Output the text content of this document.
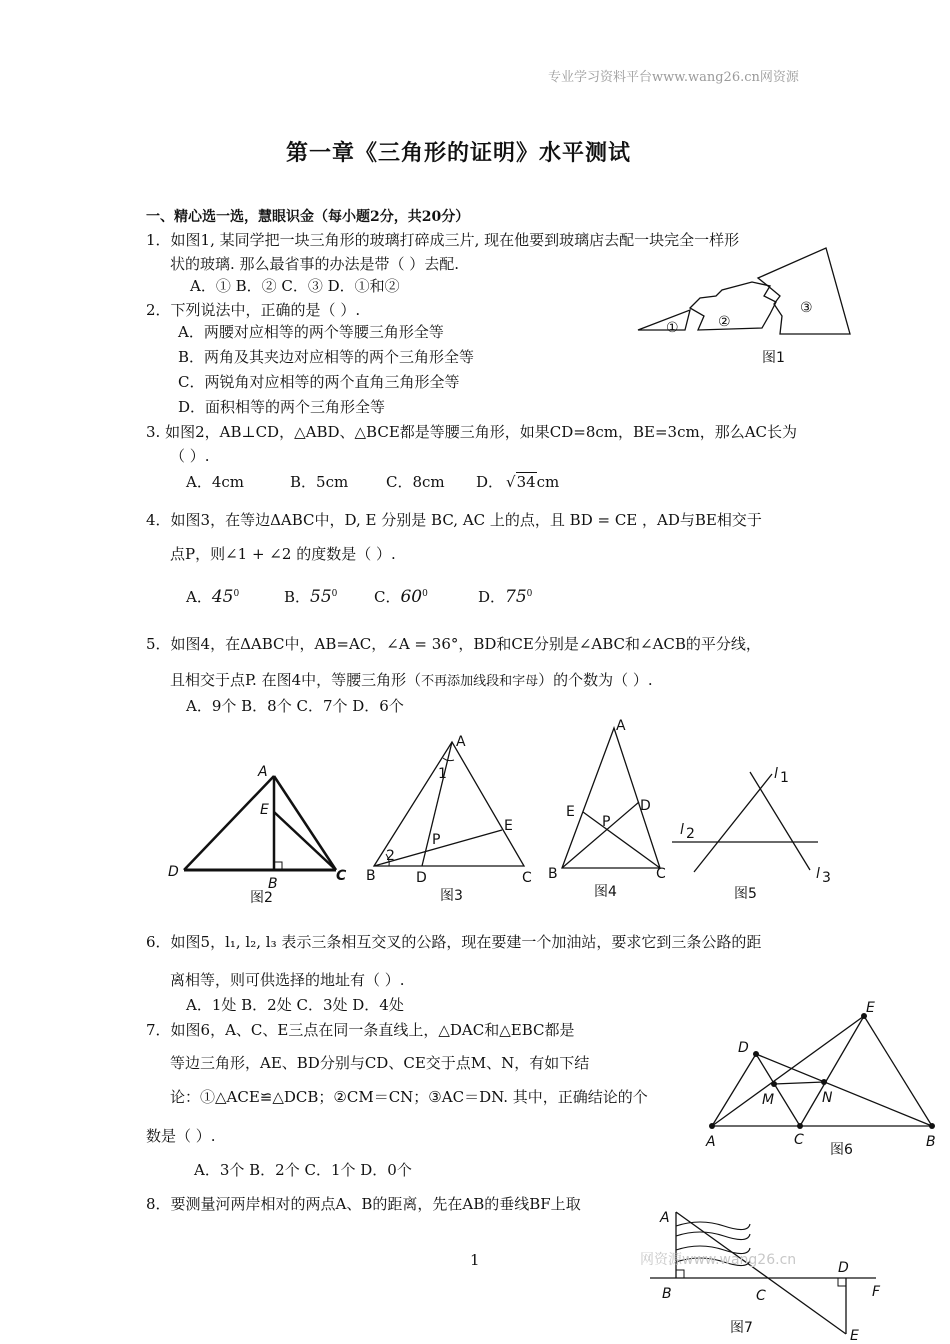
专业学习资料平台www.wang26.cn网资源
第一章《三角形的证明》水平测试
一、精心选一选，慧眼识金（每小题2分，共20分）
1．如图1, 某同学把一块三角形的玻璃打碎成三片, 现在他要到玻璃店去配一块完全一样形
状的玻璃. 那么最省事的办法是带（ ）去配.
A．① B．② C．③ D．①和②
2．下列说法中，正确的是（ ）.
A．两腰对应相等的两个等腰三角形全等
B．两角及其夹边对应相等的两个三角形全等
C．两锐角对应相等的两个直角三角形全等
D．面积相等的两个三角形全等
①	②
③
图1
3. 如图2，AB⊥CD，△ABD、△BCE都是等腰三角形，如果CD=8cm，BE=3cm，那么AC长为
（ ）.
A．4cm	B．5cm	C．8cm D． √34cm
4．如图3，在等边ΔABC中，D, E 分别是 BC, AC 上的点，且 BD = CE ，AD与BE相交于
点P，则∠1 + ∠2 的度数是（ ）.
A．$45^0$	B．$55^0$ C．$60^0$	D．$75^0$
5．如图4，在ΔABC中，AB=AC，∠A = 36°，BD和CE分别是∠ABC和∠ACB的平分线，
且相交于点P. 在图4中，等腰三角形（不再添加线段和字母）的个数为（ ）.
A．9个 B．8个 C．7个 D．6个
A
E
D
B	C
图2
A
1
2
P
E
B	D	C
图3
A
E	D
P
B	C
图4
l 1
l 2
l 3
图5
6．如图5，l₁, l₂, l₃ 表示三条相互交叉的公路，现在要建一个加油站，要求它到三条公路的距
离相等，则可供选择的地址有（ ）.
A．1处 B．2处 C．3处 D．4处
7．如图6，A、C、E三点在同一条直线上，△DAC和△EBC都是
等边三角形，AE、BD分别与CD、CE交于点M、N，有如下结
论：①△ACE≌△DCB；②CM＝CN；③AC＝DN. 其中，正确结论的个
数是（ ）.
A．3个 B．2个 C．1个 D．0个
A
D
C
E
B
M	N
图6
8．要测量河两岸相对的两点A、B的距离，先在AB的垂线BF上取
1
A
B	C
D
F
E
网资源www.wang26.cn
图7
